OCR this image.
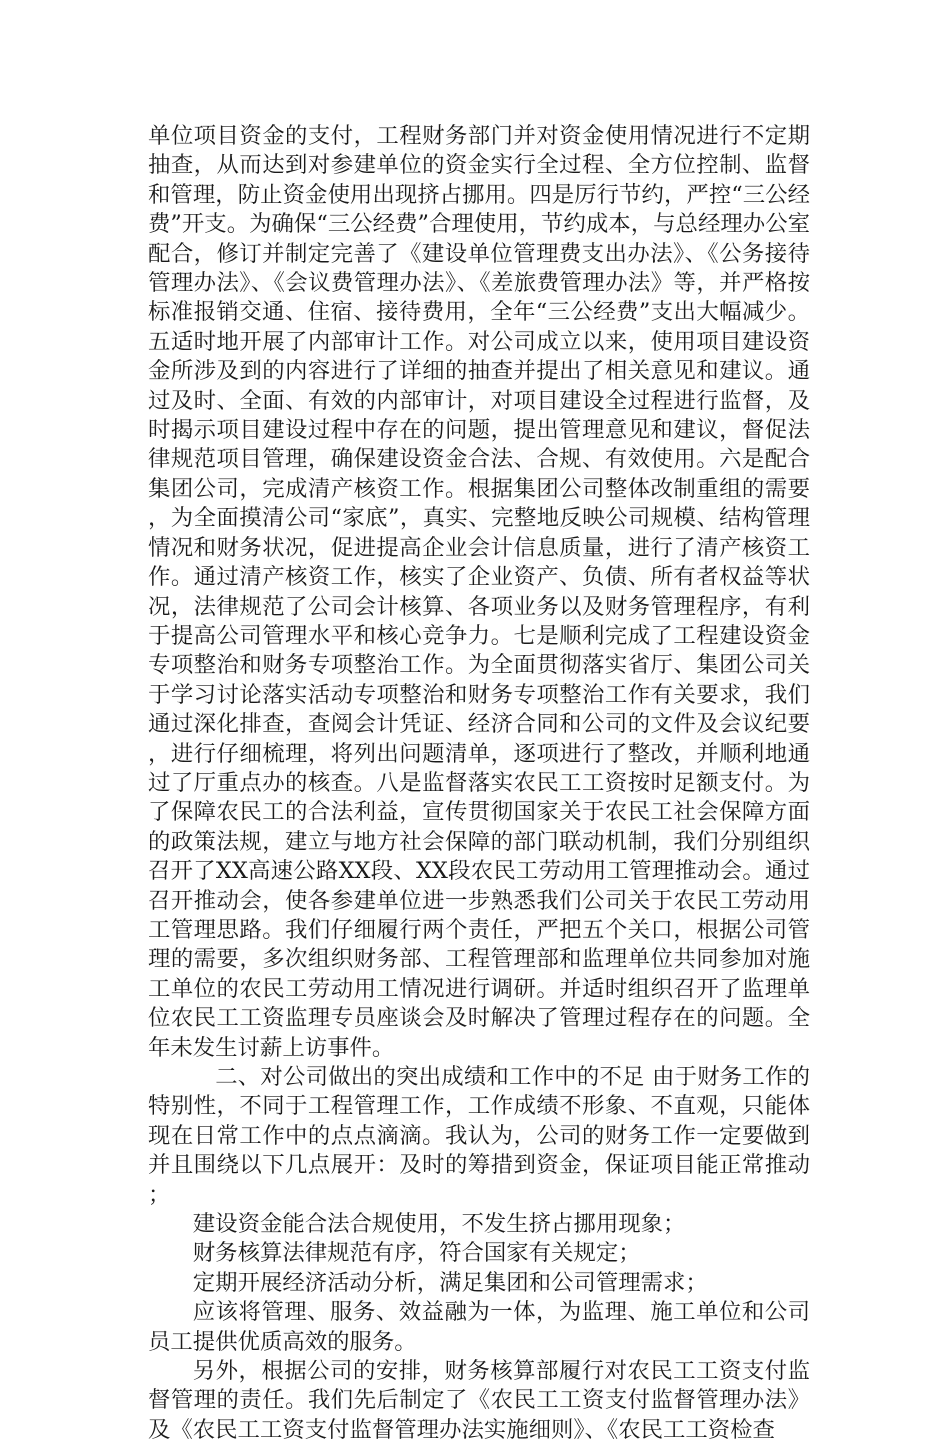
单位项目资金的支付，工程财务部门并对资金使用情况进行不定期抽查，从而达到对参建单位的资金实行全过程、全方位控制、监督和管理，防止资金使用出现挤占挪用。四是厉行节约，严控“三公经费”开支。为确保“三公经费”合理使用，节约成本，与总经理办公室配合，修订并制定完善了《建设单位管理费支出办法》、《公务接待管理办法》、《会议费管理办法》、《差旅费管理办法》等，并严格按标准报销交通、住宿、接待费用，全年“三公经费”支出大幅减少。五适时地开展了内部审计工作。对公司成立以来，使用项目建设资金所涉及到的内容进行了详细的抽查并提出了相关意见和建议。通过及时、全面、有效的内部审计，对项目建设全过程进行监督，及时揭示项目建设过程中存在的问题，提出管理意见和建议，督促法律规范项目管理，确保建设资金合法、合规、有效使用。六是配合集团公司，完成清产核资工作。根据集团公司整体改制重组的需要，为全面摸清公司“家底”，真实、完整地反映公司规模、结构管理情况和财务状况，促进提高企业会计信息质量，进行了清产核资工作。通过清产核资工作，核实了企业资产、负债、所有者权益等状况，法律规范了公司会计核算、各项业务以及财务管理程序，有利于提高公司管理水平和核心竞争力。七是顺利完成了工程建设资金专项整治和财务专项整治工作。为全面贯彻落实省厅、集团公司关于学习讨论落实活动专项整治和财务专项整治工作有关要求，我们通过深化排查，查阅会计凭证、经济合同和公司的文件及会议纪要，进行仔细梳理，将列出问题清单，逐项进行了整改，并顺利地通过了厅重点办的核查。八是监督落实农民工工资按时足额支付。为了保障农民工的合法利益，宣传贯彻国家关于农民工社会保障方面的政策法规，建立与地方社会保障的部门联动机制，我们分别组织召开了XX高速公路XX段、XX段农民工劳动用工管理推动会。通过召开推动会，使各参建单位进一步熟悉我们公司关于农民工劳动用工管理思路。我们仔细履行两个责任，严把五个关口，根据公司管理的需要，多次组织财务部、工程管理部和监理单位共同参加对施工单位的农民工劳动用工情况进行调研。并适时组织召开了监理单位农民工工资监理专员座谈会及时解决了管理过程存在的问题。全年未发生讨薪上访事件。

二、对公司做出的突出成绩和工作中的不足 由于财务工作的特别性，不同于工程管理工作，工作成绩不形象、不直观，只能体现在日常工作中的点点滴滴。我认为，公司的财务工作一定要做到并且围绕以下几点展开：及时的筹措到资金，保证项目能正常推动；

建设资金能合法合规使用，不发生挤占挪用现象；

财务核算法律规范有序，符合国家有关规定；

定期开展经济活动分析，满足集团和公司管理需求；

应该将管理、服务、效益融为一体，为监理、施工单位和公司员工提供优质高效的服务。

另外，根据公司的安排，财务核算部履行对农民工工资支付监督管理的责任。我们先后制定了《农民工工资支付监督管理办法》及《农民工工资支付监督管理办法实施细则》、《农民工工资检查
